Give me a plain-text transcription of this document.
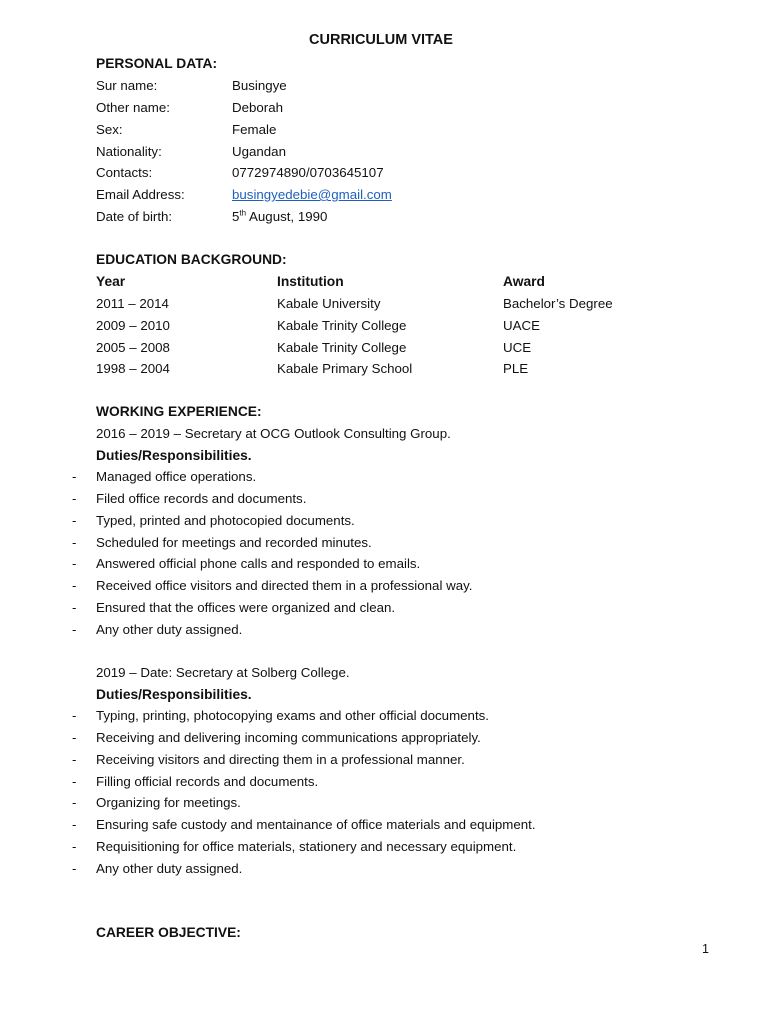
CURRICULUM VITAE
PERSONAL DATA:
Sur name:	Busingye
Other name:	Deborah
Sex:	Female
Nationality:	Ugandan
Contacts:	0772974890/0703645107
Email Address:	busingyedebie@gmail.com
Date of birth:	5th August, 1990
EDUCATION BACKGROUND:
Year	Institution	Award
2011 – 2014	Kabale University	Bachelor’s Degree
2009 – 2010	Kabale Trinity College	UACE
2005 – 2008	Kabale Trinity College	UCE
1998 – 2004	Kabale Primary School	PLE
WORKING EXPERIENCE:
2016 – 2019 – Secretary at OCG Outlook Consulting Group.
Duties/Responsibilities.
- Managed office operations.
- Filed office records and documents.
- Typed, printed and photocopied documents.
- Scheduled for meetings and recorded minutes.
- Answered official phone calls and responded to emails.
- Received office visitors and directed them in a professional way.
- Ensured that the offices were organized and clean.
- Any other duty assigned.
2019 – Date: Secretary at Solberg College.
Duties/Responsibilities.
- Typing, printing, photocopying exams and other official documents.
- Receiving and delivering incoming communications appropriately.
- Receiving visitors and directing them in a professional manner.
- Filling official records and documents.
- Organizing for meetings.
- Ensuring safe custody and mentainance of office materials and equipment.
- Requisitioning for office materials, stationery and necessary equipment.
- Any other duty assigned.
CAREER OBJECTIVE:
1
